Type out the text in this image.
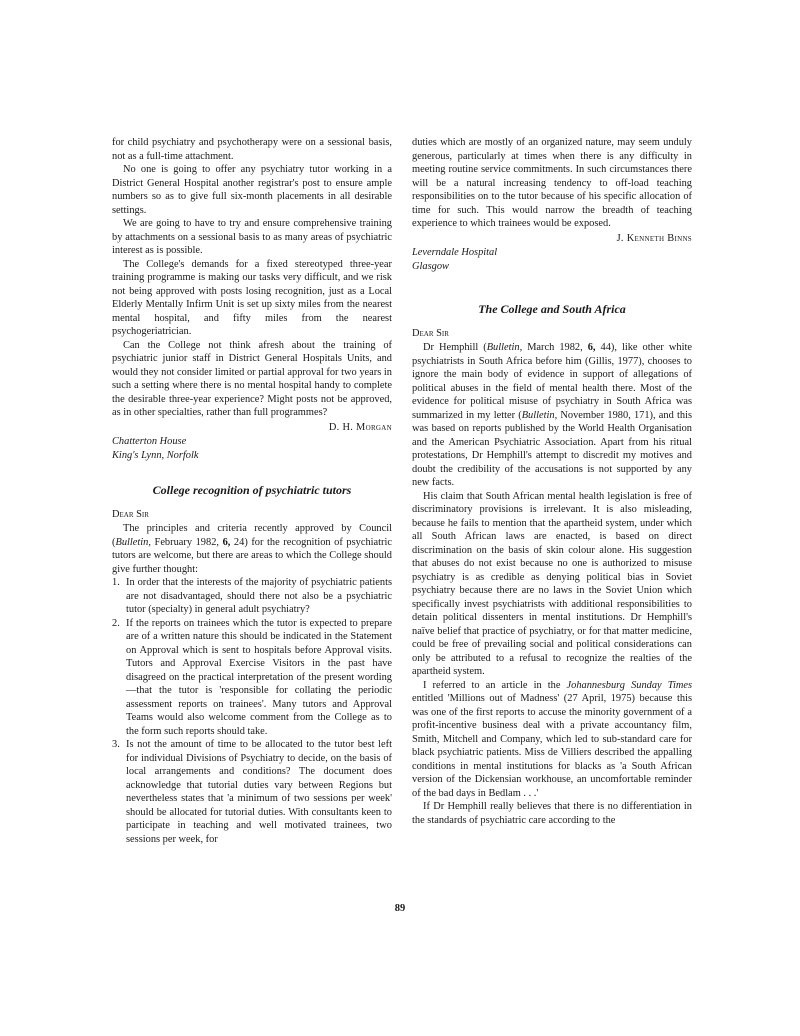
for child psychiatry and psychotherapy were on a sessional basis, not as a full-time attachment.

No one is going to offer any psychiatry tutor working in a District General Hospital another registrar's post to ensure ample numbers so as to give full six-month placements in all desirable settings.

We are going to have to try and ensure comprehensive training by attachments on a sessional basis to as many areas of psychiatric interest as is possible.

The College's demands for a fixed stereotyped three-year training programme is making our tasks very difficult, and we risk not being approved with posts losing recognition, just as a Local Elderly Mentally Infirm Unit is set up sixty miles from the nearest mental hospital, and fifty miles from the nearest psychogeriatrician.

Can the College not think afresh about the training of psychiatric junior staff in District General Hospitals Units, and would they not consider limited or partial approval for two years in such a setting where there is no mental hospital handy to complete the desirable three-year experience? Might posts not be approved, as in other specialties, rather than full programmes?

D. H. Morgan
Chatterton House
King's Lynn, Norfolk
College recognition of psychiatric tutors
Dear Sir

The principles and criteria recently approved by Council (Bulletin, February 1982, 6, 24) for the recognition of psychiatric tutors are welcome, but there are areas to which the College should give further thought:

1. In order that the interests of the majority of psychiatric patients are not disadvantaged, should there not also be a psychiatric tutor (specialty) in general adult psychiatry?
2. If the reports on trainees which the tutor is expected to prepare are of a written nature this should be indicated in the Statement on Approval which is sent to hospitals before Approval visits. Tutors and Approval Exercise Visitors in the past have disagreed on the practical interpretation of the present wording—that the tutor is 'responsible for collating the periodic assessment reports on trainees'. Many tutors and Approval Teams would also welcome comment from the College as to the form such reports should take.
3. Is not the amount of time to be allocated to the tutor best left for individual Divisions of Psychiatry to decide, on the basis of local arrangements and conditions? The document does acknowledge that tutorial duties vary between Regions but nevertheless states that 'a minimum of two sessions per week' should be allocated for tutorial duties. With consultants keen to participate in teaching and well motivated trainees, two sessions per week, for

duties which are mostly of an organized nature, may seem unduly generous, particularly at times when there is any difficulty in meeting routine service commitments. In such circumstances there will be a natural increasing tendency to off-load teaching responsibilities on to the tutor because of his specific allocation of time for such. This would narrow the breadth of teaching experience to which trainees would be exposed.

J. Kenneth Binns
Leverndale Hospital
Glasgow
The College and South Africa
Dear Sir

Dr Hemphill (Bulletin, March 1982, 6, 44), like other white psychiatrists in South Africa before him (Gillis, 1977), chooses to ignore the main body of evidence in support of allegations of political abuses in the field of mental health there. Most of the evidence for political misuse of psychiatry in South Africa was summarized in my letter (Bulletin, November 1980, 171), and this was based on reports published by the World Health Organisation and the American Psychiatric Association. Apart from his ritual protestations, Dr Hemphill's attempt to discredit my motives and doubt the credibility of the accusations is not supported by any new facts.

His claim that South African mental health legislation is free of discriminatory provisions is irrelevant. It is also misleading, because he fails to mention that the apartheid system, under which all South African laws are enacted, is based on direct discrimination on the basis of skin colour alone. His suggestion that abuses do not exist because no one is authorized to misuse psychiatry is as credible as denying political bias in Soviet psychiatry because there are no laws in the Soviet Union which specifically invest psychiatrists with additional responsibilities to detain political dissenters in mental institutions. Dr Hemphill's naïve belief that practice of psychiatry, or for that matter medicine, could be free of prevailing social and political considerations can only be attributed to a refusal to recognize the realties of the apartheid system.

I referred to an article in the Johannesburg Sunday Times entitled 'Millions out of Madness' (27 April, 1975) because this was one of the first reports to accuse the minority government of a profit-incentive business deal with a private accountancy film, Smith, Mitchell and Company, which led to sub-standard care for black psychiatric patients. Miss de Villiers described the appalling conditions in mental institutions for blacks as 'a South African version of the Dickensian workhouse, an uncomfortable reminder of the bad days in Bedlam . . .'

If Dr Hemphill really believes that there is no differentiation in the standards of psychiatric care according to the

89
